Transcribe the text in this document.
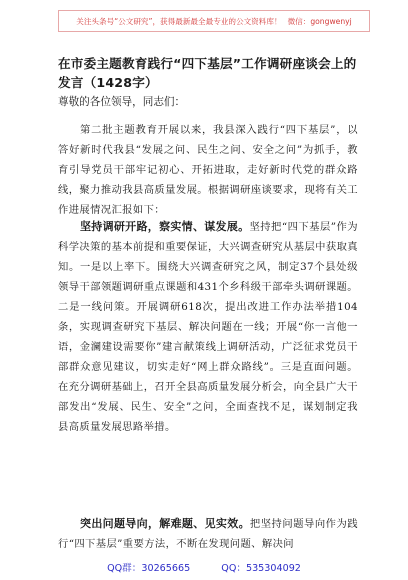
关注头条号“公文研究”，获得最新最全最专业的公文资料库！ 微信：gongwenyj
在市委主题教育践行“四下基层”工作调研座谈会上的发言（1428字）
尊敬的各位领导，同志们：

第二批主题教育开展以来，我县深入践行“四下基层”，以答好新时代我县“发展之问、民生之问、安全之问”为抓手，教育引导党员干部牢记初心、开拓进取，走好新时代党的群众路线，聚力推动我县高质量发展。根据调研座谈要求，现将有关工作进展情况汇报如下：

坚持调研开路，察实情、谋发展。坚持把“四下基层”作为科学决策的基本前提和重要保证，大兴调查研究从基层中获取真知。一是以上率下。围绕大兴调查研究之风，制定37个县处级领导干部领题调研重点课题和431个乡科级干部牵头调研课题。二是一线问策。开展调研618次，提出改进工作办法举措104条，实现调查研究下基层、解决问题在一线；开展“你一言他一语，金澜建设需要你”建言献策线上调研活动，广泛征求党员干部群众意见建议，切实走好“网上群众路线”。三是直面问题。在充分调研基础上，召开全县高质量发展分析会，向全县广大干部发出“发展、民生、安全”之问，全面查找不足，谋划制定我县高质量发展思路举措。

突出问题导向，解难题、见实效。把坚持问题导向作为践行“四下基层”重要方法，不断在发现问题、解决问

QQ群：30265665	QQ：535304092
